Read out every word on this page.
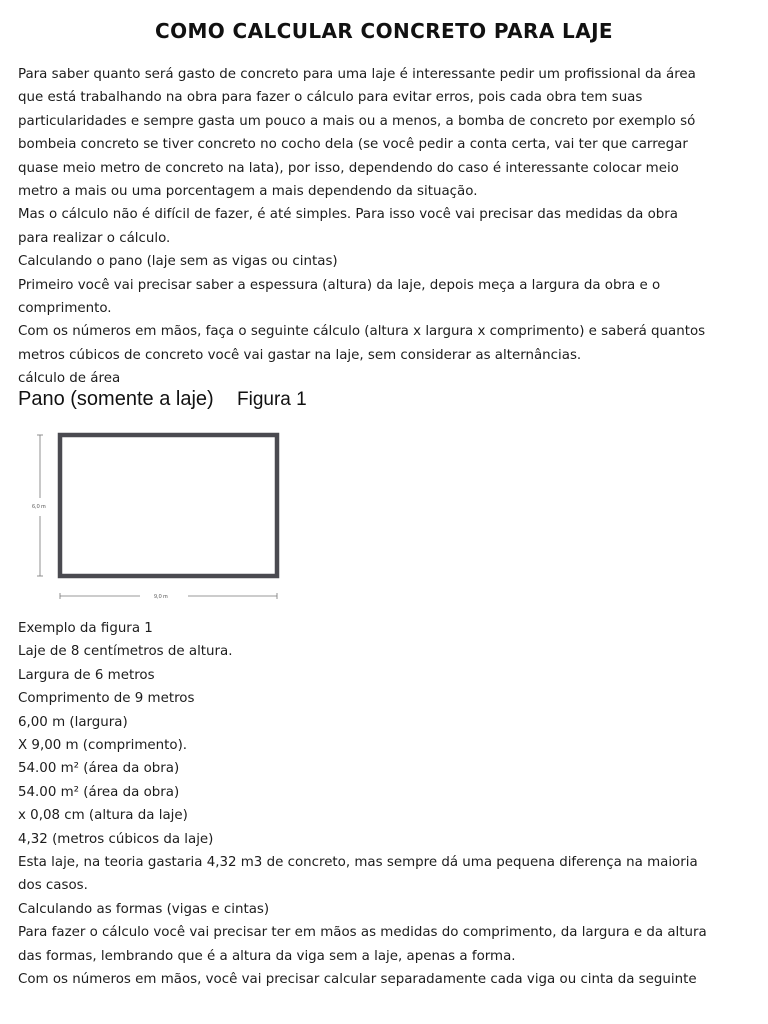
COMO CALCULAR CONCRETO PARA LAJE

Para saber quanto será gasto de concreto para uma laje é interessante pedir um profissional da área

que está trabalhando na obra para fazer o cálculo para evitar erros, pois cada obra tem suas

particularidades e sempre gasta um pouco a mais ou a menos, a bomba de concreto por exemplo só

bombeia concreto se tiver concreto no cocho dela (se você pedir a conta certa, vai ter que carregar

quase meio metro de concreto na lata), por isso, dependendo do caso é interessante colocar meio

metro a mais ou uma porcentagem a mais dependendo da situação.

Mas o cálculo não é difícil de fazer, é até simples. Para isso você vai precisar das medidas da obra

para realizar o cálculo.

Calculando o pano (laje sem as vigas ou cintas)

Primeiro você vai precisar saber a espessura (altura) da laje, depois meça a largura da obra e o

comprimento.

Com os números em mãos, faça o seguinte cálculo (altura x largura x comprimento) e saberá quantos

metros cúbicos de concreto você vai gastar na laje, sem considerar as alternâncias.

cálculo de área

Pano (somente a laje) Figura 1
6,0 m
9,0 m

Exemplo da figura 1

Laje de 8 centímetros de altura.

Largura de 6 metros

Comprimento de 9 metros

6,00 m (largura)

X 9,00 m (comprimento).

54.00 m² (área da obra)

54.00 m² (área da obra)

x 0,08 cm (altura da laje)

4,32 (metros cúbicos da laje)

Esta laje, na teoria gastaria 4,32 m3 de concreto, mas sempre dá uma pequena diferença na maioria

dos casos.

Calculando as formas (vigas e cintas)

Para fazer o cálculo você vai precisar ter em mãos as medidas do comprimento, da largura e da altura

das formas, lembrando que é a altura da viga sem a laje, apenas a forma.

Com os números em mãos, você vai precisar calcular separadamente cada viga ou cinta da seguinte
